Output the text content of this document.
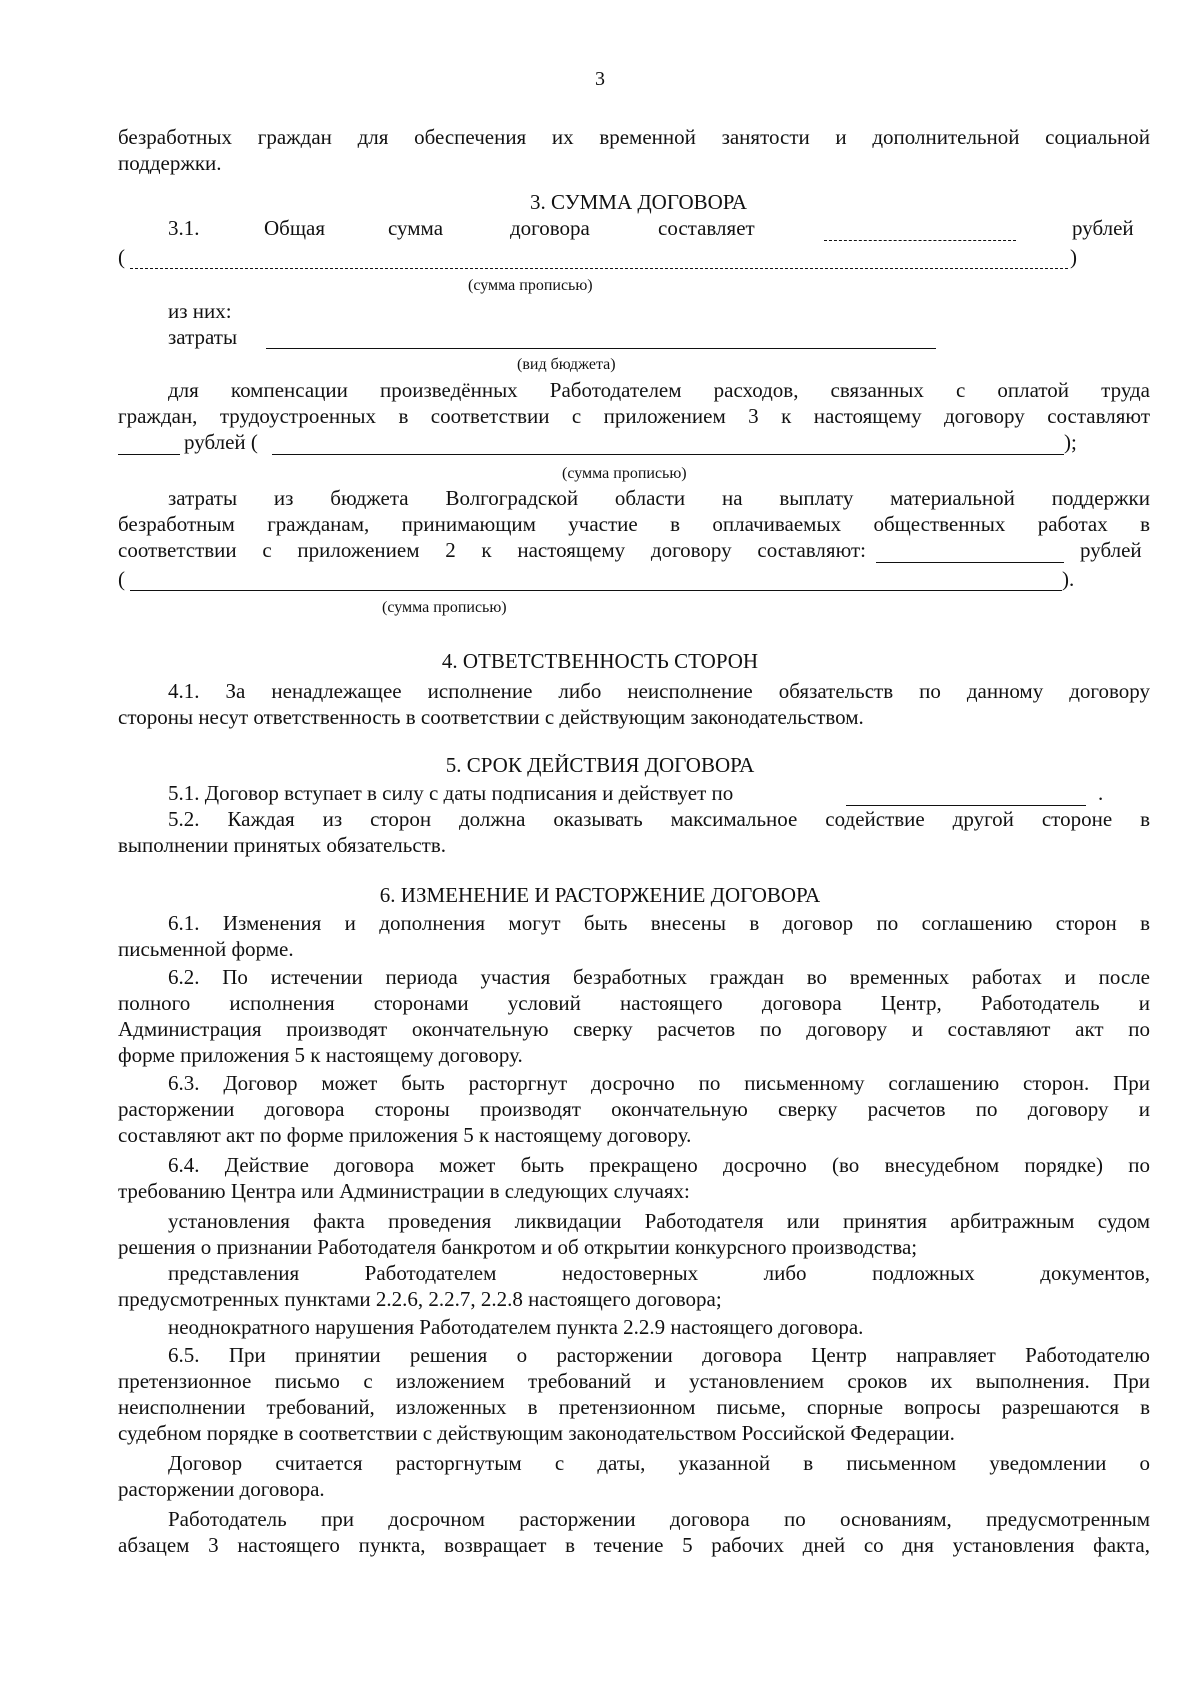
3
безработных граждан для обеспечения их временной занятости и дополнительной социальной
поддержки.
3. СУММА ДОГОВОРА
3.1.	Общая	сумма	договора	составляет	рублей
(	)
(сумма прописью)
из них:
затраты
(вид бюджета)
для компенсации произведённых Работодателем расходов, связанных с оплатой труда
граждан, трудоустроенных в соответствии с приложением 3 к настоящему договору составляют
рублей (	);
(сумма прописью)
затраты из бюджета Волгоградской области на выплату материальной поддержки
безработным гражданам, принимающим участие в оплачиваемых общественных работах в
соответствии с приложением 2 к настоящему договору составляют:	рублей
(	).
(сумма прописью)
4. ОТВЕТСТВЕННОСТЬ СТОРОН
4.1. За ненадлежащее исполнение либо неисполнение обязательств по данному договору
стороны несут ответственность в соответствии с действующим законодательством.
5. СРОК ДЕЙСТВИЯ ДОГОВОРА
5.1. Договор вступает в силу с даты подписания и действует по	.
5.2. Каждая из сторон должна оказывать максимальное содействие другой стороне в
выполнении принятых обязательств.
6. ИЗМЕНЕНИЕ И РАСТОРЖЕНИЕ ДОГОВОРА
6.1. Изменения и дополнения могут быть внесены в договор по соглашению сторон в
письменной форме.
6.2. По истечении периода участия безработных граждан во временных работах и после
полного исполнения сторонами условий настоящего договора Центр, Работодатель и
Администрация производят окончательную сверку расчетов по договору и составляют акт по
форме приложения 5 к настоящему договору.
6.3. Договор может быть расторгнут досрочно по письменному соглашению сторон. При
расторжении договора стороны производят окончательную сверку расчетов по договору и
составляют акт по форме приложения 5 к настоящему договору.
6.4. Действие договора может быть прекращено досрочно (во внесудебном порядке) по
требованию Центра или Администрации в следующих случаях:
установления факта проведения ликвидации Работодателя или принятия арбитражным судом
решения о признании Работодателя банкротом и об открытии конкурсного производства;
представления Работодателем недостоверных либо подложных документов,
предусмотренных пунктами 2.2.6, 2.2.7, 2.2.8 настоящего договора;
неоднократного нарушения Работодателем пункта 2.2.9 настоящего договора.
6.5. При принятии решения о расторжении договора Центр направляет Работодателю
претензионное письмо с изложением требований и установлением сроков их выполнения. При
неисполнении требований, изложенных в претензионном письме, спорные вопросы разрешаются в
судебном порядке в соответствии с действующим законодательством Российской Федерации.
Договор считается расторгнутым с даты, указанной в письменном уведомлении о
расторжении договора.
Работодатель при досрочном расторжении договора по основаниям, предусмотренным
абзацем 3 настоящего пункта, возвращает в течение 5 рабочих дней со дня установления факта,
